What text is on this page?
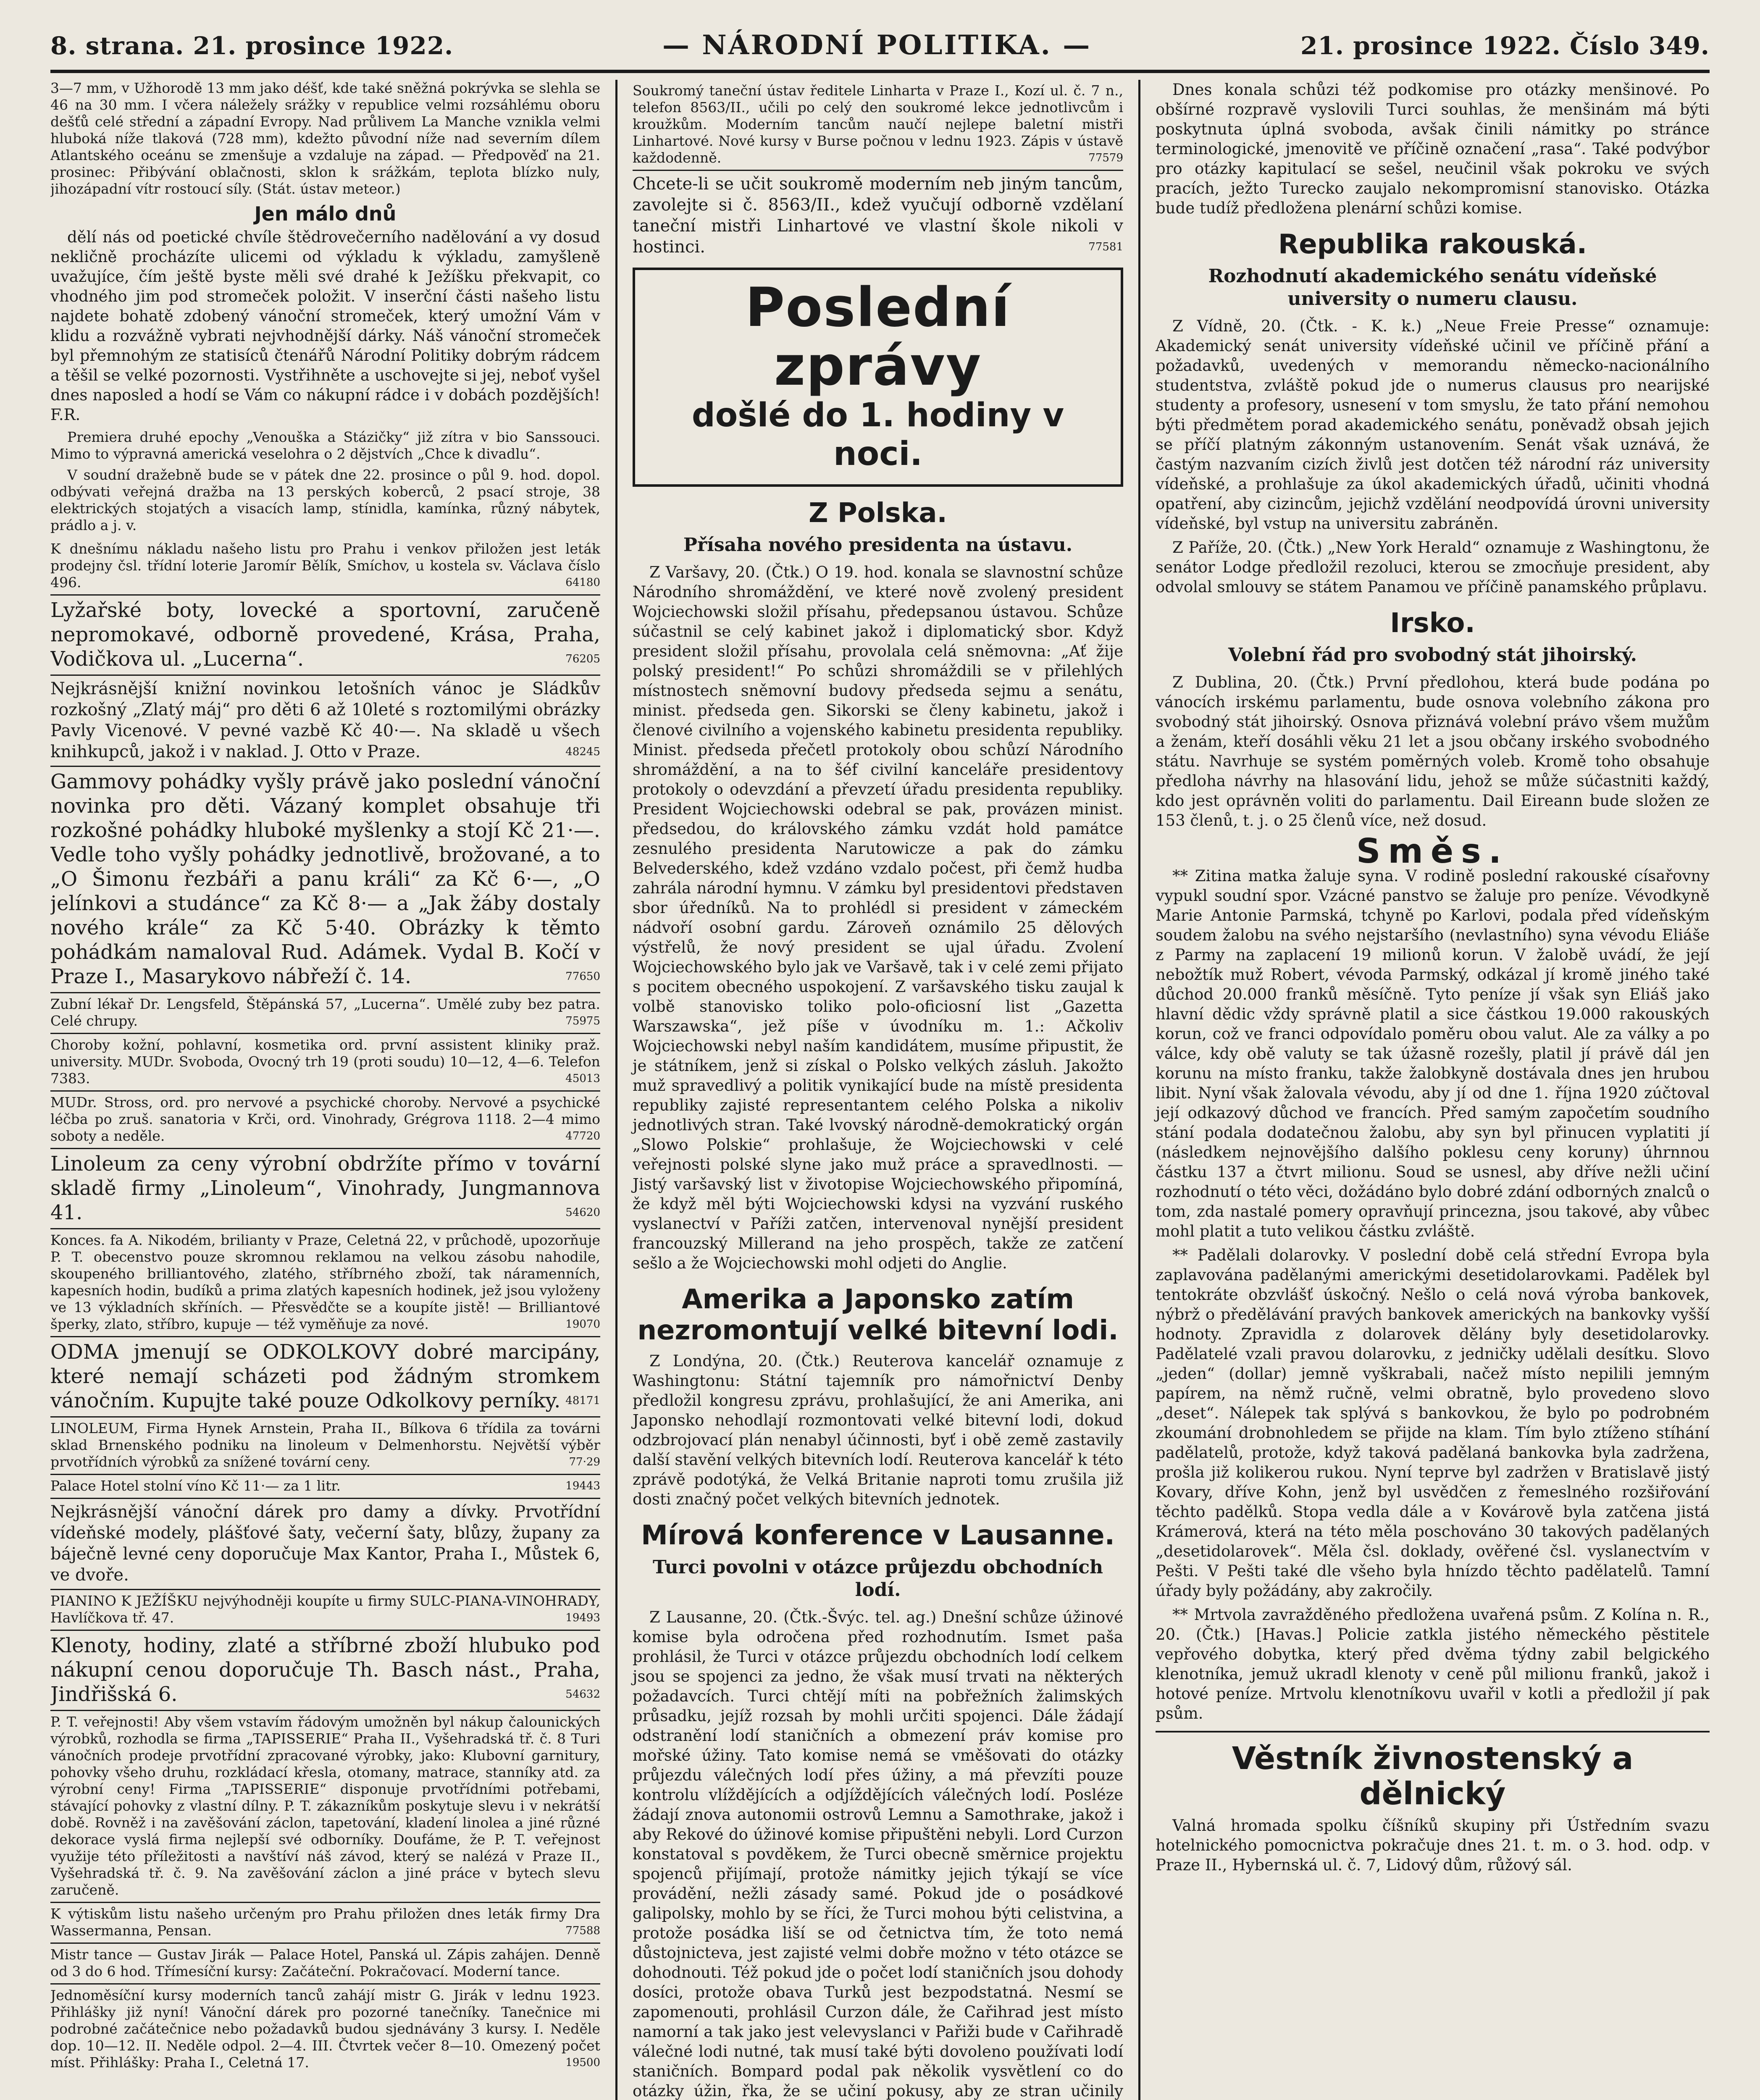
8. strana. 21. prosince 1922.	— NÁRODNÍ POLITIKA. —	21. prosince 1922. Číslo 349.

3—7 mm, v Užhorodě 13 mm jako déšť, kde také sněžná pokrývka se slehla se 46 na 30 mm. I včera náležely srážky v republice velmi rozsáhlému oboru dešťů celé střední a západní Evropy. Nad průlivem La Manche vznikla velmi hluboká níže tlaková (728 mm), kdežto původní níže nad severním dílem Atlantského oceánu se zmenšuje a vzdaluje na západ. — Předpověď na 21. prosinec: Přibývání oblačnosti, sklon k srážkám, teplota blízko nuly, jihozápadní vítr rostoucí síly. (Stát. ústav meteor.)

Jen málo dnů

dělí nás od poetické chvíle štědrovečerního nadělování a vy dosud nekličně procházíte ulicemi od výkladu k výkladu, zamyšleně uvažujíce, čím ještě byste měli své drahé k Ježíšku překvapit, co vhodného jim pod stromeček položit. V inserční části našeho listu najdete bohatě zdobený vánoční stromeček, který umožní Vám v klidu a rozvážně vybrati nejvhodnější dárky. Náš vánoční stromeček byl přemnohým ze statisíců čtenářů Národní Politiky dobrým rádcem a těšil se velké pozornosti. Vystřihněte a uschovejte si jej, neboť vyšel dnes naposled a hodí se Vám co nákupní rádce i v dobách pozdějších! F.R.

Premiera druhé epochy „Venouška a Stázičky“ již zítra v bio Sanssouci. Mimo to výpravná americká veselohra o 2 dějstvích „Chce k divadlu“.

V soudní dražebně bude se v pátek dne 22. prosince o půl 9. hod. dopol. odbývati veřejná dražba na 13 perských koberců, 2 psací stroje, 38 elektrických stojatých a visacích lamp, stínidla, kamínka, různý nábytek, prádlo a j. v.

K dnešnímu nákladu našeho listu pro Prahu i venkov přiložen jest leták prodejny čsl. třídní loterie Jaromír Bělík, Smíchov, u kostela sv. Václava číslo 496.	64180

Lyžařské boty, lovecké a sportovní, zaručeně nepromokavé, odborně provedené, Krása, Praha, Vodičkova ul. „Lucerna“.	76205

Nejkrásnější knižní novinkou letošních vánoc je Sládkův rozkošný „Zlatý máj“ pro děti 6 až 10leté s roztomilými obrázky Pavly Vicenové. V pevné vazbě Kč 40·—. Na skladě u všech knihkupců, jakož i v naklad. J. Otto v Praze.	48245

Gammovy pohádky vyšly právě jako poslední vánoční novinka pro děti. Vázaný komplet obsahuje tři rozkošné pohádky hluboké myšlenky a stojí Kč 21·—. Vedle toho vyšly pohádky jednotlivě, brožované, a to „O Šimonu řezbáři a panu králi“ za Kč 6·—, „O jelínkovi a studánce“ za Kč 8·— a „Jak žáby dostaly nového krále“ za Kč 5·40. Obrázky k těmto pohádkám namaloval Rud. Adámek. Vydal B. Kočí v Praze I., Masarykovo nábřeží č. 14.	77650

Zubní lékař Dr. Lengsfeld, Štěpánská 57, „Lucerna“. Umělé zuby bez patra. Celé chrupy.	75975

Choroby kožní, pohlavní, kosmetika ord. první assistent kliniky praž. university. MUDr. Svoboda, Ovocný trh 19 (proti soudu) 10—12, 4—6. Telefon 7383.	45013

MUDr. Stross, ord. pro nervové a psychické choroby. Nervové a psychické léčba po zruš. sanatoria v Krči, ord. Vinohrady, Grégrova 1118. 2—4 mimo soboty a neděle.	47720

Linoleum za ceny výrobní obdržíte přímo v tovární skladě firmy „Linoleum“, Vinohrady, Jungmannova 41.	54620

Konces. fa A. Nikodém, brilianty v Praze, Celetná 22, v průchodě, upozorňuje P. T. obecenstvo pouze skromnou reklamou na velkou zásobu nahodile, skoupeného brilliantového, zlatého, stříbrného zboží, tak náramenních, kapesních hodin, budíků a prima zlatých kapesních hodinek, jež jsou vyloženy ve 13 výkladních skříních. — Přesvědčte se a koupíte jistě! — Brilliantové šperky, zlato, stříbro, kupuje — též vyměňuje za nové.	19070

ODMA jmenují se ODKOLKOVY dobré marcipány, které nemají scházeti pod žádným stromkem vánočním. Kupujte také pouze Odkolkovy perníky. 48171

LINOLEUM, Firma Hynek Arnstein, Praha II., Bílkova 6 třídila za továrni sklad Brnenského podniku na linoleum v Delmenhorstu. Největší výběr prvotřídních výrobků za snížené tovární ceny.	77·29

Palace Hotel stolní víno Kč 11·— za 1 litr.	19443

Nejkrásnější vánoční dárek pro damy a dívky. Prvotřídní vídeňské modely, plášťové šaty, večerní šaty, blůzy, župany za báječně levné ceny doporučuje Max Kantor, Praha I., Můstek 6, ve dvoře.

PIANINO K JEŽÍŠKU nejvýhodněji koupíte u firmy SULC-PIANA-VINOHRADY, Havlíčkova tř. 47.	19493

Klenoty, hodiny, zlaté a stříbrné zboží hlubuko pod nákupní cenou doporučuje Th. Basch nást., Praha, Jindřišská 6.	54632

P. T. veřejnosti! Aby všem vstavím řádovým umožněn byl nákup čalounických výrobků, rozhodla se firma „TAPISSERIE“ Praha II., Vyšehradská tř. č. 8 Turi vánočních prodeje prvotřídní zpracované výrobky, jako: Klubovní garnitury, pohovky všeho druhu, rozkládací křesla, otomany, matrace, stanníky atd. za výrobní ceny! Firma „TAPISSERIE“ disponuje prvotřídními potřebami, stávající pohovky z vlastní dílny. P. T. zákazníkům poskytuje slevu i v nekrátší době. Rovněž i na zavěšování záclon, tapetování, kladení linolea a jiné různé dekorace vyslá firma nejlepší své odborníky. Doufáme, že P. T. veřejnost využije této příležitosti a navštíví náš závod, který se nalézá v Praze II., Vyšehradská tř. č. 9. Na zavěšování záclon a jiné práce v bytech slevu zaručeně.

K výtiskům listu našeho určeným pro Prahu přiložen dnes leták firmy Dra Wassermanna, Pensan.	77588

Mistr tance — Gustav Jirák — Palace Hotel, Panská ul. Zápis zahájen. Denně od 3 do 6 hod. Třímesíční kursy: Začáteční. Pokračovací. Moderní tance.

Jednoměsíční kursy moderních tanců zahájí mistr G. Jirák v lednu 1923. Přihlášky již nyní! Vánoční dárek pro pozorné tanečníky. Tanečnice mi podrobné začátečnice nebo požadavků budou sjednávány 3 kursy. I. Neděle dop. 10—12. II. Neděle odpol. 2—4. III. Čtvrtek večer 8—10. Omezený počet míst. Přihlášky: Praha I., Celetná 17.	19500

Soukromý taneční ústav ředitele Linharta v Praze I., Kozí ul. č. 7 n., telefon 8563/II., učili po celý den soukromé lekce jednotlivcům i kroužkům. Moderním tancům naučí nejlepe baletní mistři Linhartové. Nové kursy v Burse počnou v lednu 1923. Zápis v ústavě každodenně.	77579

Chcete-li se učit soukromě moderním neb jiným tancům, zavolejte si č. 8563/II., kdež vyučují odborně vzdělaní taneční mistři Linhartové ve vlastní škole nikoli v hostinci.	77581

Poslední zprávy
došlé do 1. hodiny v noci.
Z Polska.
Přísaha nového presidenta na ústavu.

Z Varšavy, 20. (Čtk.) O 19. hod. konala se slavnostní schůze Národního shromáždění, ve které nově zvolený president Wojciechowski složil přísahu, předepsanou ústavou. Schůze súčastnil se celý kabinet jakož i diplomatický sbor. Když president složil přísahu, provolala celá sněmovna: „Ať žije polský president!“ Po schůzi shromáždili se v přilehlých místnostech sněmovní budovy předseda sejmu a senátu, minist. předseda gen. Sikorski se členy kabinetu, jakož i členové civilního a vojenského kabinetu presidenta republiky. Minist. předseda přečetl protokoly obou schůzí Národního shromáždění, a na to šéf civilní kanceláře presidentovy protokoly o odevzdání a převzetí úřadu presidenta republiky. President Wojciechowski odebral se pak, provázen minist. předsedou, do královského zámku vzdát hold památce zesnulého presidenta Narutowicze a pak do zámku Belvederského, kdež vzdáno vzdalo počest, při čemž hudba zahrála národní hymnu. V zámku byl presidentovi představen sbor úředníků. Na to prohlédl si president v zámeckém nádvoří osobní gardu. Zároveň oznámilo 25 dělových výstřelů, že nový president se ujal úřadu. Zvolení Wojciechowského bylo jak ve Varšavě, tak i v celé zemi přijato s pocitem obecného uspokojení. Z varšavského tisku zaujal k volbě stanovisko toliko polo-oficiosní list „Gazetta Warszawska“, jež píše v úvodníku m. 1.: Ačkoliv Wojciechowski nebyl naším kandidátem, musíme připustit, že je státníkem, jenž si získal o Polsko velkých zásluh. Jakožto muž spravedlivý a politik vynikající bude na místě presidenta republiky zajisté representantem celého Polska a nikoliv jednotlivých stran. Také lvovský národně-demokratický orgán „Slowo Polskie“ prohlašuje, že Wojciechowski v celé veřejnosti polské slyne jako muž práce a spravedlnosti. — Jistý varšavský list v životopise Wojciechowského připomíná, že když měl býti Wojciechowski kdysi na vyzvání ruského vyslanectví v Paříži zatčen, intervenoval nynější president francouzský Millerand na jeho prospěch, takže ze zatčení sešlo a že Wojciechowski mohl odjeti do Anglie.

Amerika a Japonsko zatím nezromontují velké bitevní lodi.

Z Londýna, 20. (Čtk.) Reuterova kancelář oznamuje z Washingtonu: Státní tajemník pro námořnictví Denby předložil kongresu zprávu, prohlašující, že ani Amerika, ani Japonsko nehodlají rozmontovati velké bitevní lodi, dokud odzbrojovací plán nenabyl účinnosti, byť i obě země zastavily další stavění velkých bitevních lodí. Reuterova kancelář k této zprávě podotýká, že Velká Britanie naproti tomu zrušila již dosti značný počet velkých bitevních jednotek.

Mírová konference v Lausanne.
Turci povolni v otázce průjezdu obchodních lodí.

Z Lausanne, 20. (Čtk.-Švýc. tel. ag.) Dnešní schůze úžinové komise byla odročena před rozhodnutím. Ismet paša prohlásil, že Turci v otázce průjezdu obchodních lodí celkem jsou se spojenci za jedno, že však musí trvati na některých požadavcích. Turci chtějí míti na pobřežních žalimských průsadku, jejíž rozsah by mohli určiti spojenci. Dále žádají odstranění lodí staničních a obmezení práv komise pro mořské úžiny. Tato komise nemá se vměšovati do otázky průjezdu válečných lodí přes úžiny, a má převzíti pouze kontrolu vlíždějících a odjíždějících válečných lodí. Posléze žádají znova autonomii ostrovů Lemnu a Samothrake, jakož i aby Rekové do úžinové komise připuštěni nebyli. Lord Curzon konstatoval s povděkem, že Turci obecně směrnice projektu spojenců přijímají, protože námitky jejich týkají se více provádění, nežli zásady samé. Pokud jde o posádkové galipolsky, mohlo by se říci, že Turci mohou býti celistvina, a protože posádka liší se od četnictva tím, že toto nemá důstojnicteva, jest zajisté velmi dobře možno v této otázce se dohodnouti. Též pokud jde o počet lodí staničních jsou dohody dosíci, protože obava Turků jest bezpodstatná. Nesmí se zapomenouti, prohlásil Curzon dále, že Cařihrad jest místo namorní a tak jako jest velevyslanci v Pařiži bude v Cařihradě válečné lodi nutné, tak musí také býti dovoleno používati lodí staničních. Bompard podal pak několik vysvětlení co do otázky úžin, řka, že se učiní pokusy, aby ze stran učinily

Dnes konala schůzi též podkomise pro otázky menšinové. Po obšírné rozpravě vyslovili Turci souhlas, že menšinám má býti poskytnuta úplná svoboda, avšak činili námitky po stránce terminologické, jmenovitě ve příčině označení „rasa“. Také podvýbor pro otázky kapitulací se sešel, neučinil však pokroku ve svých pracích, ježto Turecko zaujalo nekompromisní stanovisko. Otázka bude tudíž předložena plenární schůzi komise.

Republika rakouská.
Rozhodnutí akademického senátu vídeňské university o numeru clausu.

Z Vídně, 20. (Čtk. - K. k.) „Neue Freie Presse“ oznamuje: Akademický senát university vídeňské učinil ve příčině přání a požadavků, uvedených v memorandu německo-nacionálního studentstva, zvláště pokud jde o numerus clausus pro nearijské studenty a profesory, usnesení v tom smyslu, že tato přání nemohou býti předmětem porad akademického senátu, poněvadž obsah jejich se příčí platným zákonným ustanovením. Senát však uznává, že častým nazvaním cizích živlů jest dotčen též národní ráz university vídeňské, a prohlašuje za úkol akademických úřadů, učiniti vhodná opatření, aby cizincům, jejichž vzdělání neodpovídá úrovni university vídeňské, byl vstup na universitu zabráněn.

Z Paříže, 20. (Čtk.) „New York Herald“ oznamuje z Washingtonu, že senátor Lodge předložil rezoluci, kterou se zmocňuje president, aby odvolal smlouvy se státem Panamou ve příčině panamského průplavu.

Irsko.
Volební řád pro svobodný stát jihoirský.

Z Dublina, 20. (Čtk.) První předlohou, která bude podána po vánocích irskému parlamentu, bude osnova volebního zákona pro svobodný stát jihoirský. Osnova přiznává volební právo všem mužům a ženám, kteří dosáhli věku 21 let a jsou občany irského svobodného státu. Navrhuje se systém poměrných voleb. Kromě toho obsahuje předloha návrhy na hlasování lidu, jehož se může súčastniti každý, kdo jest oprávněn voliti do parlamentu. Dail Eireann bude složen ze 153 členů, t. j. o 25 členů více, než dosud.

Směs.

** Zitina matka žaluje syna. V rodině poslední rakouské císařovny vypukl soudní spor. Vzácné panstvo se žaluje pro peníze. Vévodkyně Marie Antonie Parmská, tchyně po Karlovi, podala před vídeňským soudem žalobu na svého nejstaršího (nevlastního) syna vévodu Eliáše z Parmy na zaplacení 19 milionů korun. V žalobě uvádí, že její nebožtík muž Robert, vévoda Parmský, odkázal jí kromě jiného také důchod 20.000 franků měsíčně. Tyto peníze jí však syn Eliáš jako hlavní dědic vždy správně platil a sice částkou 19.000 rakouských korun, což ve franci odpovídalo poměru obou valut. Ale za války a po válce, kdy obě valuty se tak úžasně rozešly, platil jí právě dál jen korunu na místo franku, takže žalobkyně dostávala dnes jen hrubou libit. Nyní však žalovala vévodu, aby jí od dne 1. října 1920 zúčtoval její odkazový důchod ve francích. Před samým započetím soudního stání podala dodatečnou žalobu, aby syn byl přinucen vyplatiti jí (následkem nejnovějšího dalšího poklesu ceny koruny) úhrnnou částku 137 a čtvrt milionu. Soud se usnesl, aby dříve nežli učiní rozhodnutí o této věci, dožádáno bylo dobré zdání odborných znalců o tom, zda nastalé pomery opravňují princezna, jsou takové, aby vůbec mohl platit a tuto velikou částku zvláště.

** Padělali dolarovky. V poslední době celá střední Evropa byla zaplavována padělanými americkými desetidolarovkami. Padělek byl tentokráte obzvlášť úskočný. Nešlo o celá nová výroba bankovek, nýbrž o předělávání pravých bankovek amerických na bankovky vyšší hodnoty. Zpravidla z dolarovek dělány byly desetidolarovky. Padělatelé vzali pravou dolarovku, z jedničky udělali desítku. Slovo „jeden“ (dollar) jemně vyškrabali, načež místo nepilili jemným papírem, na němž ručně, velmi obratně, bylo provedeno slovo „deset“. Nálepek tak splývá s bankovkou, že bylo po podrobném zkoumání drobnohledem se přijde na klam. Tím bylo ztíženo stíhání padělatelů, protože, když taková padělaná bankovka byla zadržena, prošla již kolikerou rukou. Nyní teprve byl zadržen v Bratislavě jistý Kovary, dříve Kohn, jenž byl usvědčen z řemeslného rozšiřování těchto padělků. Stopa vedla dále a v Kovárově byla zatčena jistá Krámerová, která na této měla poschováno 30 takových padělaných „desetidolarovek“. Měla čsl. doklady, ověřené čsl. vyslanectvím v Pešti. V Pešti také dle všeho byla hnízdo těchto padělatelů. Tamní úřady byly požádány, aby zakročily.

** Mrtvola zavražděného předložena uvařená psům. Z Kolína n. R., 20. (Čtk.) [Havas.] Policie zatkla jistého německého pěstitele vepřového dobytka, který před dvěma týdny zabil belgického klenotníka, jemuž ukradl klenoty v ceně půl milionu franků, jakož i hotové peníze. Mrtvolu klenotníkovu uvařil v kotli a předložil jí pak psům.

Věstník živnostenský a dělnický

Valná hromada spolku číšníků skupiny při Ústředním svazu hotelnického pomocnictva pokračuje dnes 21. t. m. o 3. hod. odp. v Praze II., Hybernská ul. č. 7, Lidový dům, růžový sál.
